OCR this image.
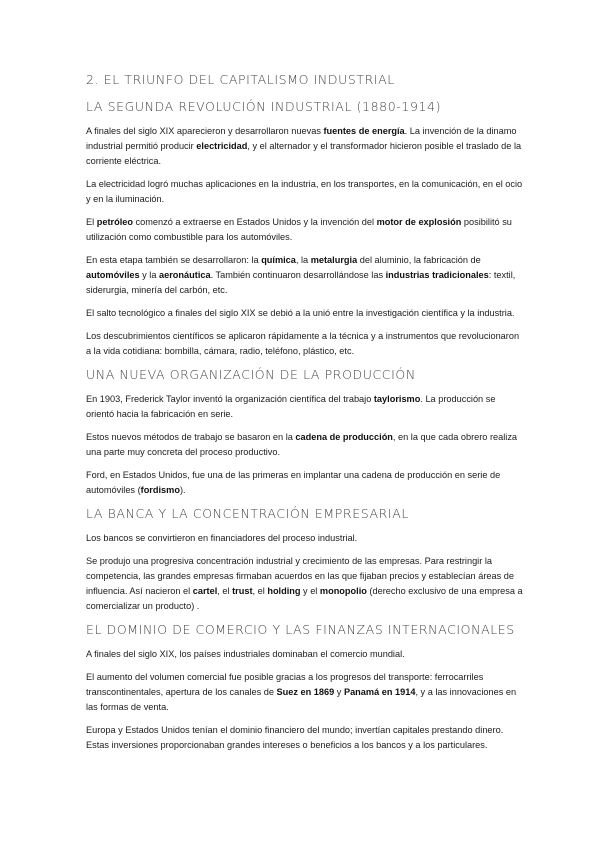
2. EL TRIUNFO DEL CAPITALISMO INDUSTRIAL
LA SEGUNDA REVOLUCIÓN INDUSTRIAL (1880-1914)

A finales del siglo XIX aparecieron y desarrollaron nuevas fuentes de energía. La invención de la dinamo industrial permitió producir electricidad, y el alternador y el transformador hicieron posible el traslado de la corriente eléctrica.

La electricidad logró muchas aplicaciones en la industria, en los transportes, en la comunicación, en el ocio y en la iluminación.

El petróleo comenzó a extraerse en Estados Unidos y la invención del motor de explosión posibilitó su utilización como combustible para los automóviles.

En esta etapa también se desarrollaron: la química, la metalurgia del aluminio, la fabricación de automóviles y la aeronáutica. También continuaron desarrollándose las industrias tradicionales: textil, siderurgia, minería del carbón, etc.

El salto tecnológico a finales del siglo XIX se debió a la unió entre la investigación científica y la industria.

Los descubrimientos científicos se aplicaron rápidamente a la técnica y a instrumentos que revolucionaron a la vida cotidiana: bombilla, cámara, radio, teléfono, plástico, etc.

UNA NUEVA ORGANIZACIÓN DE LA PRODUCCIÓN

En 1903, Frederick Taylor inventó la organización científica del trabajo taylorismo. La producción se orientó hacia la fabricación en serie.

Estos nuevos métodos de trabajo se basaron en la cadena de producción, en la que cada obrero realiza una parte muy concreta del proceso productivo.

Ford, en Estados Unidos, fue una de las primeras en implantar una cadena de producción en serie de automóviles (fordismo).

LA BANCA Y LA CONCENTRACIÓN EMPRESARIAL

Los bancos se convirtieron en financiadores del proceso industrial.

Se produjo una progresiva concentración industrial y crecimiento de las empresas. Para restringir la competencia, las grandes empresas firmaban acuerdos en las que fijaban precios y establecían áreas de influencia. Así nacieron el cartel, el trust, el holding y el monopolio (derecho exclusivo de una empresa a comercializar un producto) .

EL DOMINIO DE COMERCIO Y LAS FINANZAS INTERNACIONALES

A finales del siglo XIX, los países industriales dominaban el comercio mundial.

El aumento del volumen comercial fue posible gracias a los progresos del transporte: ferrocarriles transcontinentales, apertura de los canales de Suez en 1869 y Panamá en 1914, y a las innovaciones en las formas de venta.

Europa y Estados Unidos tenían el dominio financiero del mundo; invertían capitales prestando dinero. Estas inversiones proporcionaban grandes intereses o beneficios a los bancos y a los particulares.
